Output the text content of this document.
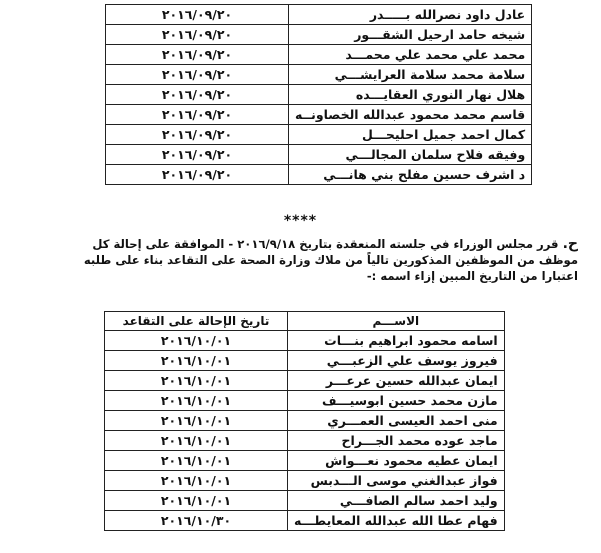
عادل داود نصرالله بـــــدر	٢٠١٦/٠٩/٢٠
شيخه حامد ارحيل الشقـــور	٢٠١٦/٠٩/٢٠
محمد علي محمد علي محمـــد	٢٠١٦/٠٩/٢٠
سلامة محمد سلامة العرايشـــي	٢٠١٦/٠٩/٢٠
هلال نهار النوري العقايـــده	٢٠١٦/٠٩/٢٠
قاسم محمد محمود عبدالله الخصاونــه	٢٠١٦/٠٩/٢٠
كمال احمد جميل احليحـــل	٢٠١٦/٠٩/٢٠
وفيقه فلاح سلمان المجالـــي	٢٠١٦/٠٩/٢٠
د اشرف حسين مفلح بني هانـــي	٢٠١٦/٠٩/٢٠
****
ح. قرر مجلس الوزراء في جلسته المنعقدة بتاريخ ٢٠١٦/٩/١٨ - الموافقة على إحالة كل
موظف من الموظفين المذكورين تالياً من ملاك وزارة الصحة على التقاعد بناء على طلبه
اعتبارا من التاريخ المبين إزاء اسمه :-
الاســـم	تاريخ الإحالة على التقاعد
اسامه محمود ابراهيم بنـــات	٢٠١٦/١٠/٠١
فيروز يوسف علي الزعبـــي	٢٠١٦/١٠/٠١
ايمان عبدالله حسين عرعـــر	٢٠١٦/١٠/٠١
مازن محمد حسين ابوسيـــف	٢٠١٦/١٠/٠١
منى احمد العيسى العمـــري	٢٠١٦/١٠/٠١
ماجد عوده محمد الجـــراح	٢٠١٦/١٠/٠١
ايمان عطيه محمود نعـــواش	٢٠١٦/١٠/٠١
فواز عبدالغني موسى الـــدبس	٢٠١٦/١٠/٠١
وليد احمد سالم الصافـــي	٢٠١٦/١٠/٠١
فهام عطا الله عبدالله المعايطـــه	٢٠١٦/١٠/٣٠
